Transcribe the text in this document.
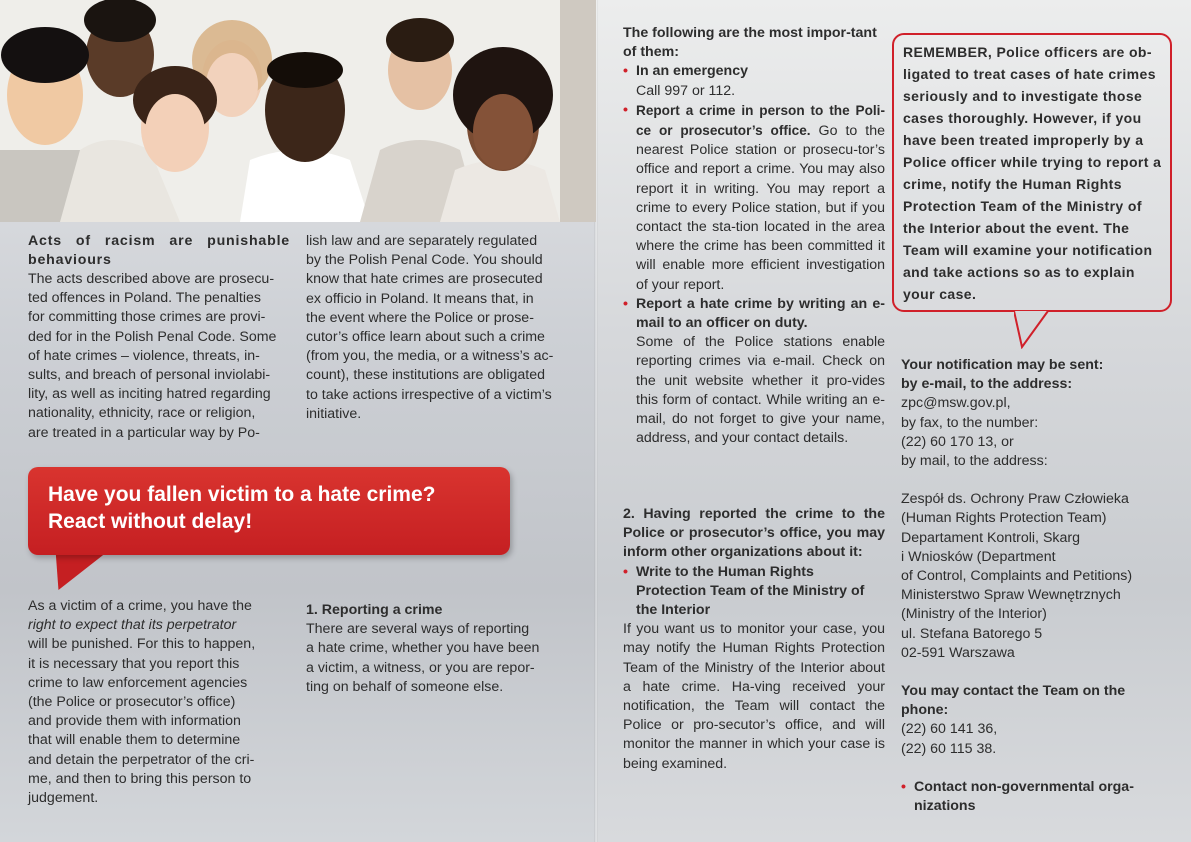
Acts of racism are punishable behaviours

The acts described above are prosecu-
ted offences in Poland. The penalties
for committing those crimes are provi-
ded for in the Polish Penal Code. Some
of hate crimes – violence, threats, in-
sults, and breach of personal inviolabi-
lity, as well as inciting hatred regarding
nationality, ethnicity, race or religion,
are treated in a particular way by Po-
lish law and are separately regulated
by the Polish Penal Code. You should
know that hate crimes are prosecuted
ex officio in Poland. It means that, in
the event where the Police or prose-
cutor’s office learn about such a crime
(from you, the media, or a witness’s ac-
count), these institutions are obligated
to take actions irrespective of a victim’s
initiative.
Have you fallen victim to a hate crime?
React without delay!
As a victim of a crime, you have the
right to expect that its perpetrator
will be punished. For this to happen,
it is necessary that you report this
crime to law enforcement agencies
(the Police or prosecutor’s office)
and provide them with information
that will enable them to determine
and detain the perpetrator of the cri-
me, and then to bring this person to
judgement.

1. Reporting a crime

There are several ways of reporting
a hate crime, whether you have been
a victim, a witness, or you are repor-
ting on behalf of someone else.

The following are the most impor-tant of them:

• In an emergency

Call 997 or 112.

• Report a crime in person to the Poli-ce or prosecutor’s office. Go to the nearest Police station or prosecu-tor’s office and report a crime. You may also report it in writing. You may report a crime to every Police station, but if you contact the sta-tion located in the area where the crime has been committed it will enable more efficient investigation of your report.

• Report a hate crime by writing an e-mail to an officer on duty.

Some of the Police stations enable reporting crimes via e-mail. Check on the unit website whether it pro-vides this form of contact. While writing an e-mail, do not forget to give your name, address, and your contact details.

2. Having reported the crime to the Police or prosecutor’s office, you may inform other organizations about it:

• Write to the Human Rights Protection Team of the Ministry of the Interior

If you want us to monitor your case, you may notify the Human Rights Protection Team of the Ministry of the Interior about a hate crime. Ha-ving received your notification, the Team will contact the Police or pro-secutor’s office, and will monitor the manner in which your case is being examined.

REMEMBER, Police officers are ob-ligated to treat cases of hate crimes seriously and to investigate those cases thoroughly. However, if you have been treated improperly by a Police officer while trying to report a crime, notify the Human Rights Protection Team of the Ministry of the Interior about the event. The Team will examine your notification and take actions so as to explain your case.

Your notification may be sent:

by e-mail, to the address:

zpc@msw.gov.pl,
by fax, to the number:
(22) 60 170 13, or
by mail, to the address:
Zespół ds. Ochrony Praw Człowieka
(Human Rights Protection Team)
Departament Kontroli, Skarg
i Wniosków (Department
of Control, Complaints and Petitions)
Ministerstwo Spraw Wewnętrznych
(Ministry of the Interior)
ul. Stefana Batorego 5
02-591 Warszawa

You may contact the Team on the phone:

(22) 60 141 36,
(22) 60 115 38.

• Contact non-governmental orga-nizations
